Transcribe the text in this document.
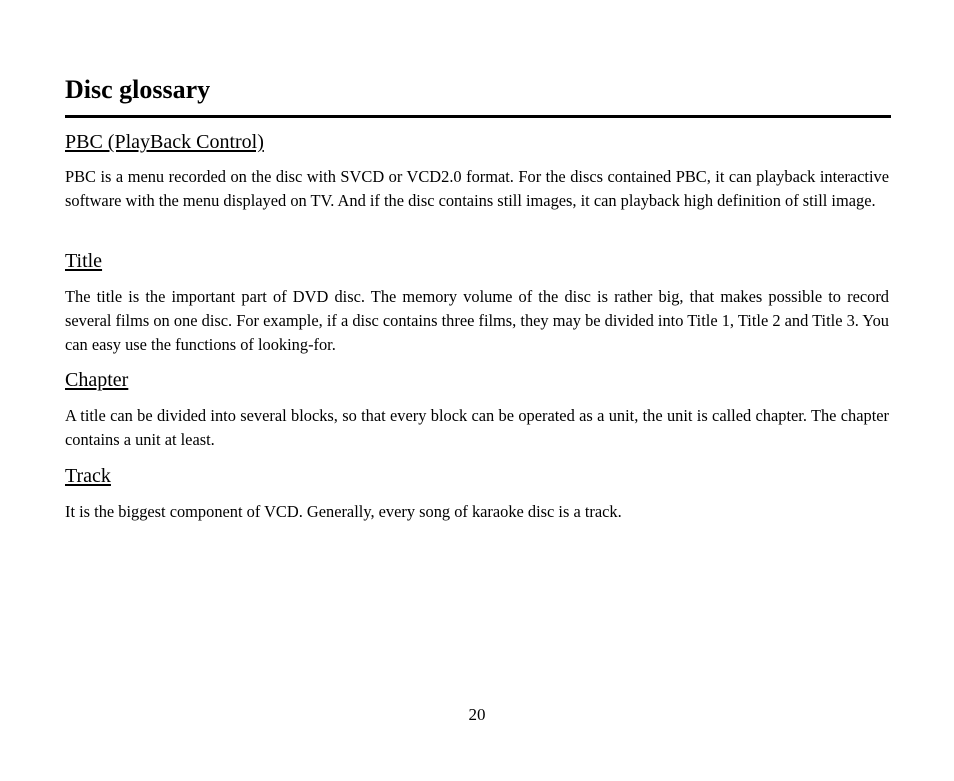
Disc glossary
PBC (PlayBack Control)

PBC is a menu recorded on the disc with SVCD or VCD2.0 format. For the discs contained PBC, it can playback interactive software with the menu displayed on TV. And if the disc contains still images, it can playback high definition of still image.

Title

The title is the important part of DVD disc. The memory volume of the disc is rather big, that makes possible to record several films on one disc. For example, if a disc contains three films, they may be divided into Title 1, Title 2 and Title 3. You can easy use the functions of looking-for.

Chapter

A title can be divided into several blocks, so that every block can be operated as a unit, the unit is called chapter. The chapter contains a unit at least.

Track

It is the biggest component of VCD. Generally, every song of karaoke disc is a track.

20
